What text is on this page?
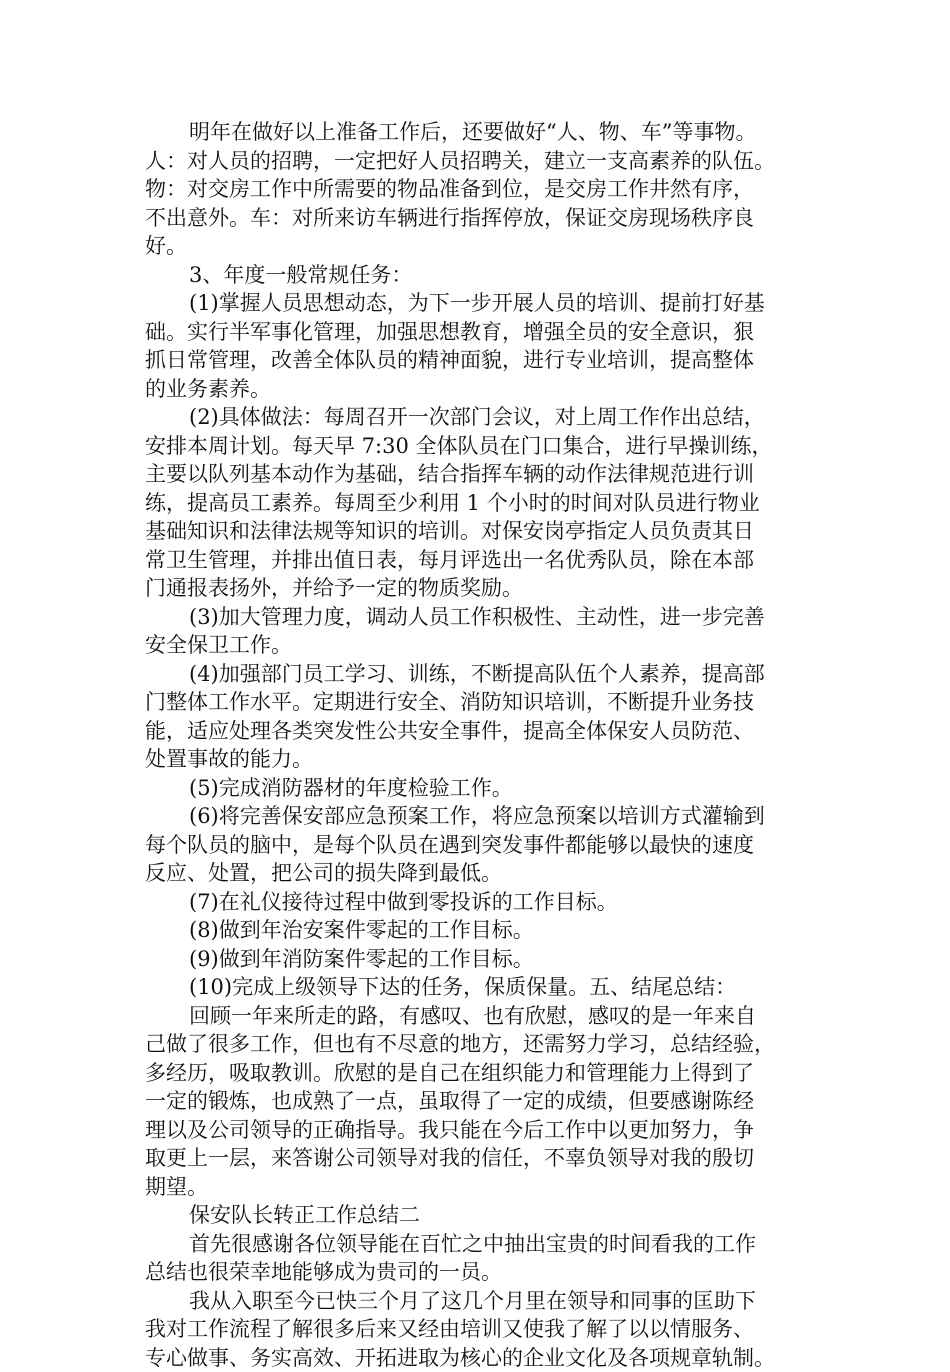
明年在做好以上准备工作后，还要做好“人、物、车”等事物。
人：对人员的招聘，一定把好人员招聘关，建立一支高素养的队伍。
物：对交房工作中所需要的物品准备到位，是交房工作井然有序，
不出意外。车：对所来访车辆进行指挥停放，保证交房现场秩序良
好。
3、年度一般常规任务：
(1)掌握人员思想动态，为下一步开展人员的培训、提前打好基
础。实行半军事化管理，加强思想教育，增强全员的安全意识，狠
抓日常管理，改善全体队员的精神面貌，进行专业培训，提高整体
的业务素养。
(2)具体做法：每周召开一次部门会议，对上周工作作出总结，
安排本周计划。每天早 7:30 全体队员在门口集合，进行早操训练，
主要以队列基本动作为基础，结合指挥车辆的动作法律规范进行训
练，提高员工素养。每周至少利用 1 个小时的时间对队员进行物业
基础知识和法律法规等知识的培训。对保安岗亭指定人员负责其日
常卫生管理，并排出值日表，每月评选出一名优秀队员，除在本部
门通报表扬外，并给予一定的物质奖励。
(3)加大管理力度，调动人员工作积极性、主动性，进一步完善
安全保卫工作。
(4)加强部门员工学习、训练，不断提高队伍个人素养，提高部
门整体工作水平。定期进行安全、消防知识培训，不断提升业务技
能，适应处理各类突发性公共安全事件，提高全体保安人员防范、
处置事故的能力。
(5)完成消防器材的年度检验工作。
(6)将完善保安部应急预案工作，将应急预案以培训方式灌输到
每个队员的脑中，是每个队员在遇到突发事件都能够以最快的速度
反应、处置，把公司的损失降到最低。
(7)在礼仪接待过程中做到零投诉的工作目标。
(8)做到年治安案件零起的工作目标。
(9)做到年消防案件零起的工作目标。
(10)完成上级领导下达的任务，保质保量。五、结尾总结：
回顾一年来所走的路，有感叹、也有欣慰，感叹的是一年来自
己做了很多工作，但也有不尽意的地方，还需努力学习，总结经验，
多经历，吸取教训。欣慰的是自己在组织能力和管理能力上得到了
一定的锻炼，也成熟了一点，虽取得了一定的成绩，但要感谢陈经
理以及公司领导的正确指导。我只能在今后工作中以更加努力，争
取更上一层，来答谢公司领导对我的信任，不辜负领导对我的殷切
期望。
保安队长转正工作总结二
首先很感谢各位领导能在百忙之中抽出宝贵的时间看我的工作
总结也很荣幸地能够成为贵司的一员。
我从入职至今已快三个月了这几个月里在领导和同事的匡助下
我对工作流程了解很多后来又经由培训又使我了解了以以情服务、
专心做事、务实高效、开拓进取为核心的企业文化及各项规章轨制。
